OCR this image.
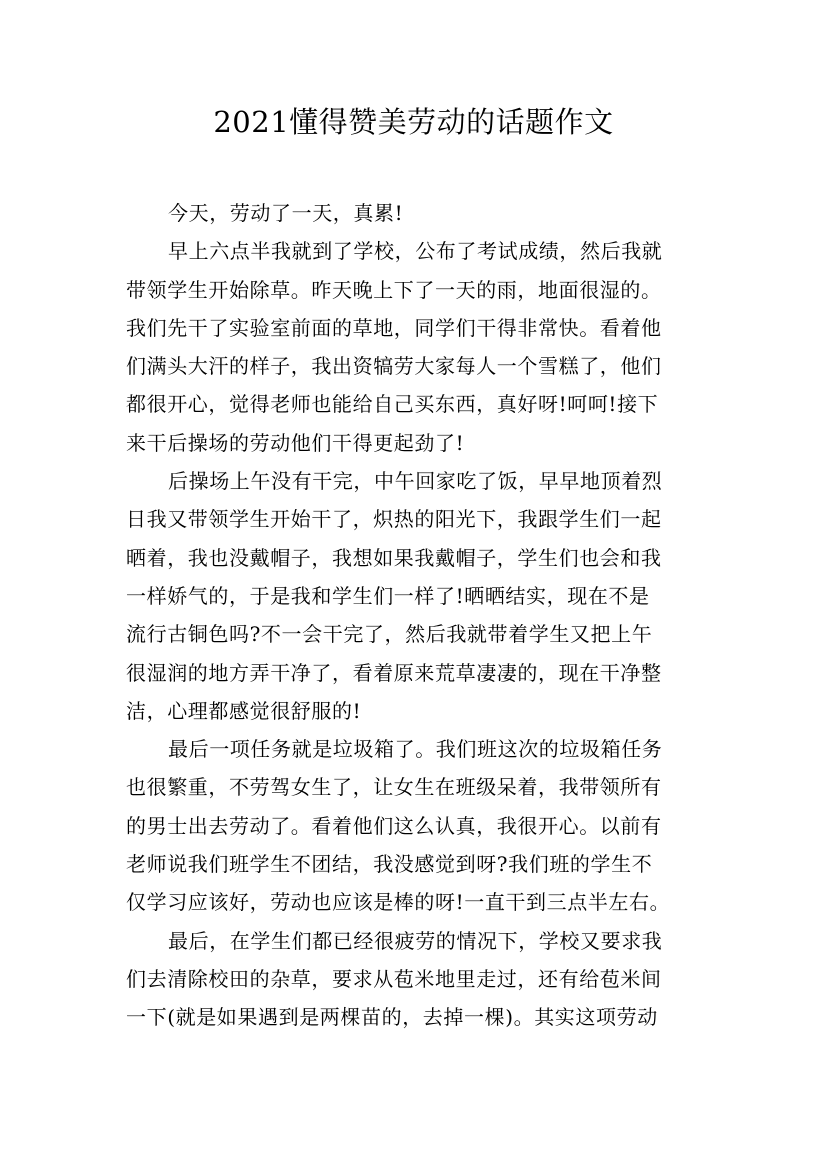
2021懂得赞美劳动的话题作文
今天，劳动了一天，真累!
早上六点半我就到了学校，公布了考试成绩，然后我就
带领学生开始除草。昨天晚上下了一天的雨，地面很湿的。
我们先干了实验室前面的草地，同学们干得非常快。看着他
们满头大汗的样子，我出资犒劳大家每人一个雪糕了，他们
都很开心，觉得老师也能给自己买东西，真好呀!呵呵!接下
来干后操场的劳动他们干得更起劲了!
后操场上午没有干完，中午回家吃了饭，早早地顶着烈
日我又带领学生开始干了，炽热的阳光下，我跟学生们一起
晒着，我也没戴帽子，我想如果我戴帽子，学生们也会和我
一样娇气的，于是我和学生们一样了!晒晒结实，现在不是
流行古铜色吗?不一会干完了，然后我就带着学生又把上午
很湿润的地方弄干净了，看着原来荒草凄凄的，现在干净整
洁，心理都感觉很舒服的!
最后一项任务就是垃圾箱了。我们班这次的垃圾箱任务
也很繁重，不劳驾女生了，让女生在班级呆着，我带领所有
的男士出去劳动了。看着他们这么认真，我很开心。以前有
老师说我们班学生不团结，我没感觉到呀?我们班的学生不
仅学习应该好，劳动也应该是棒的呀!一直干到三点半左右。
最后，在学生们都已经很疲劳的情况下，学校又要求我
们去清除校田的杂草，要求从苞米地里走过，还有给苞米间
一下(就是如果遇到是两棵苗的，去掉一棵)。其实这项劳动
